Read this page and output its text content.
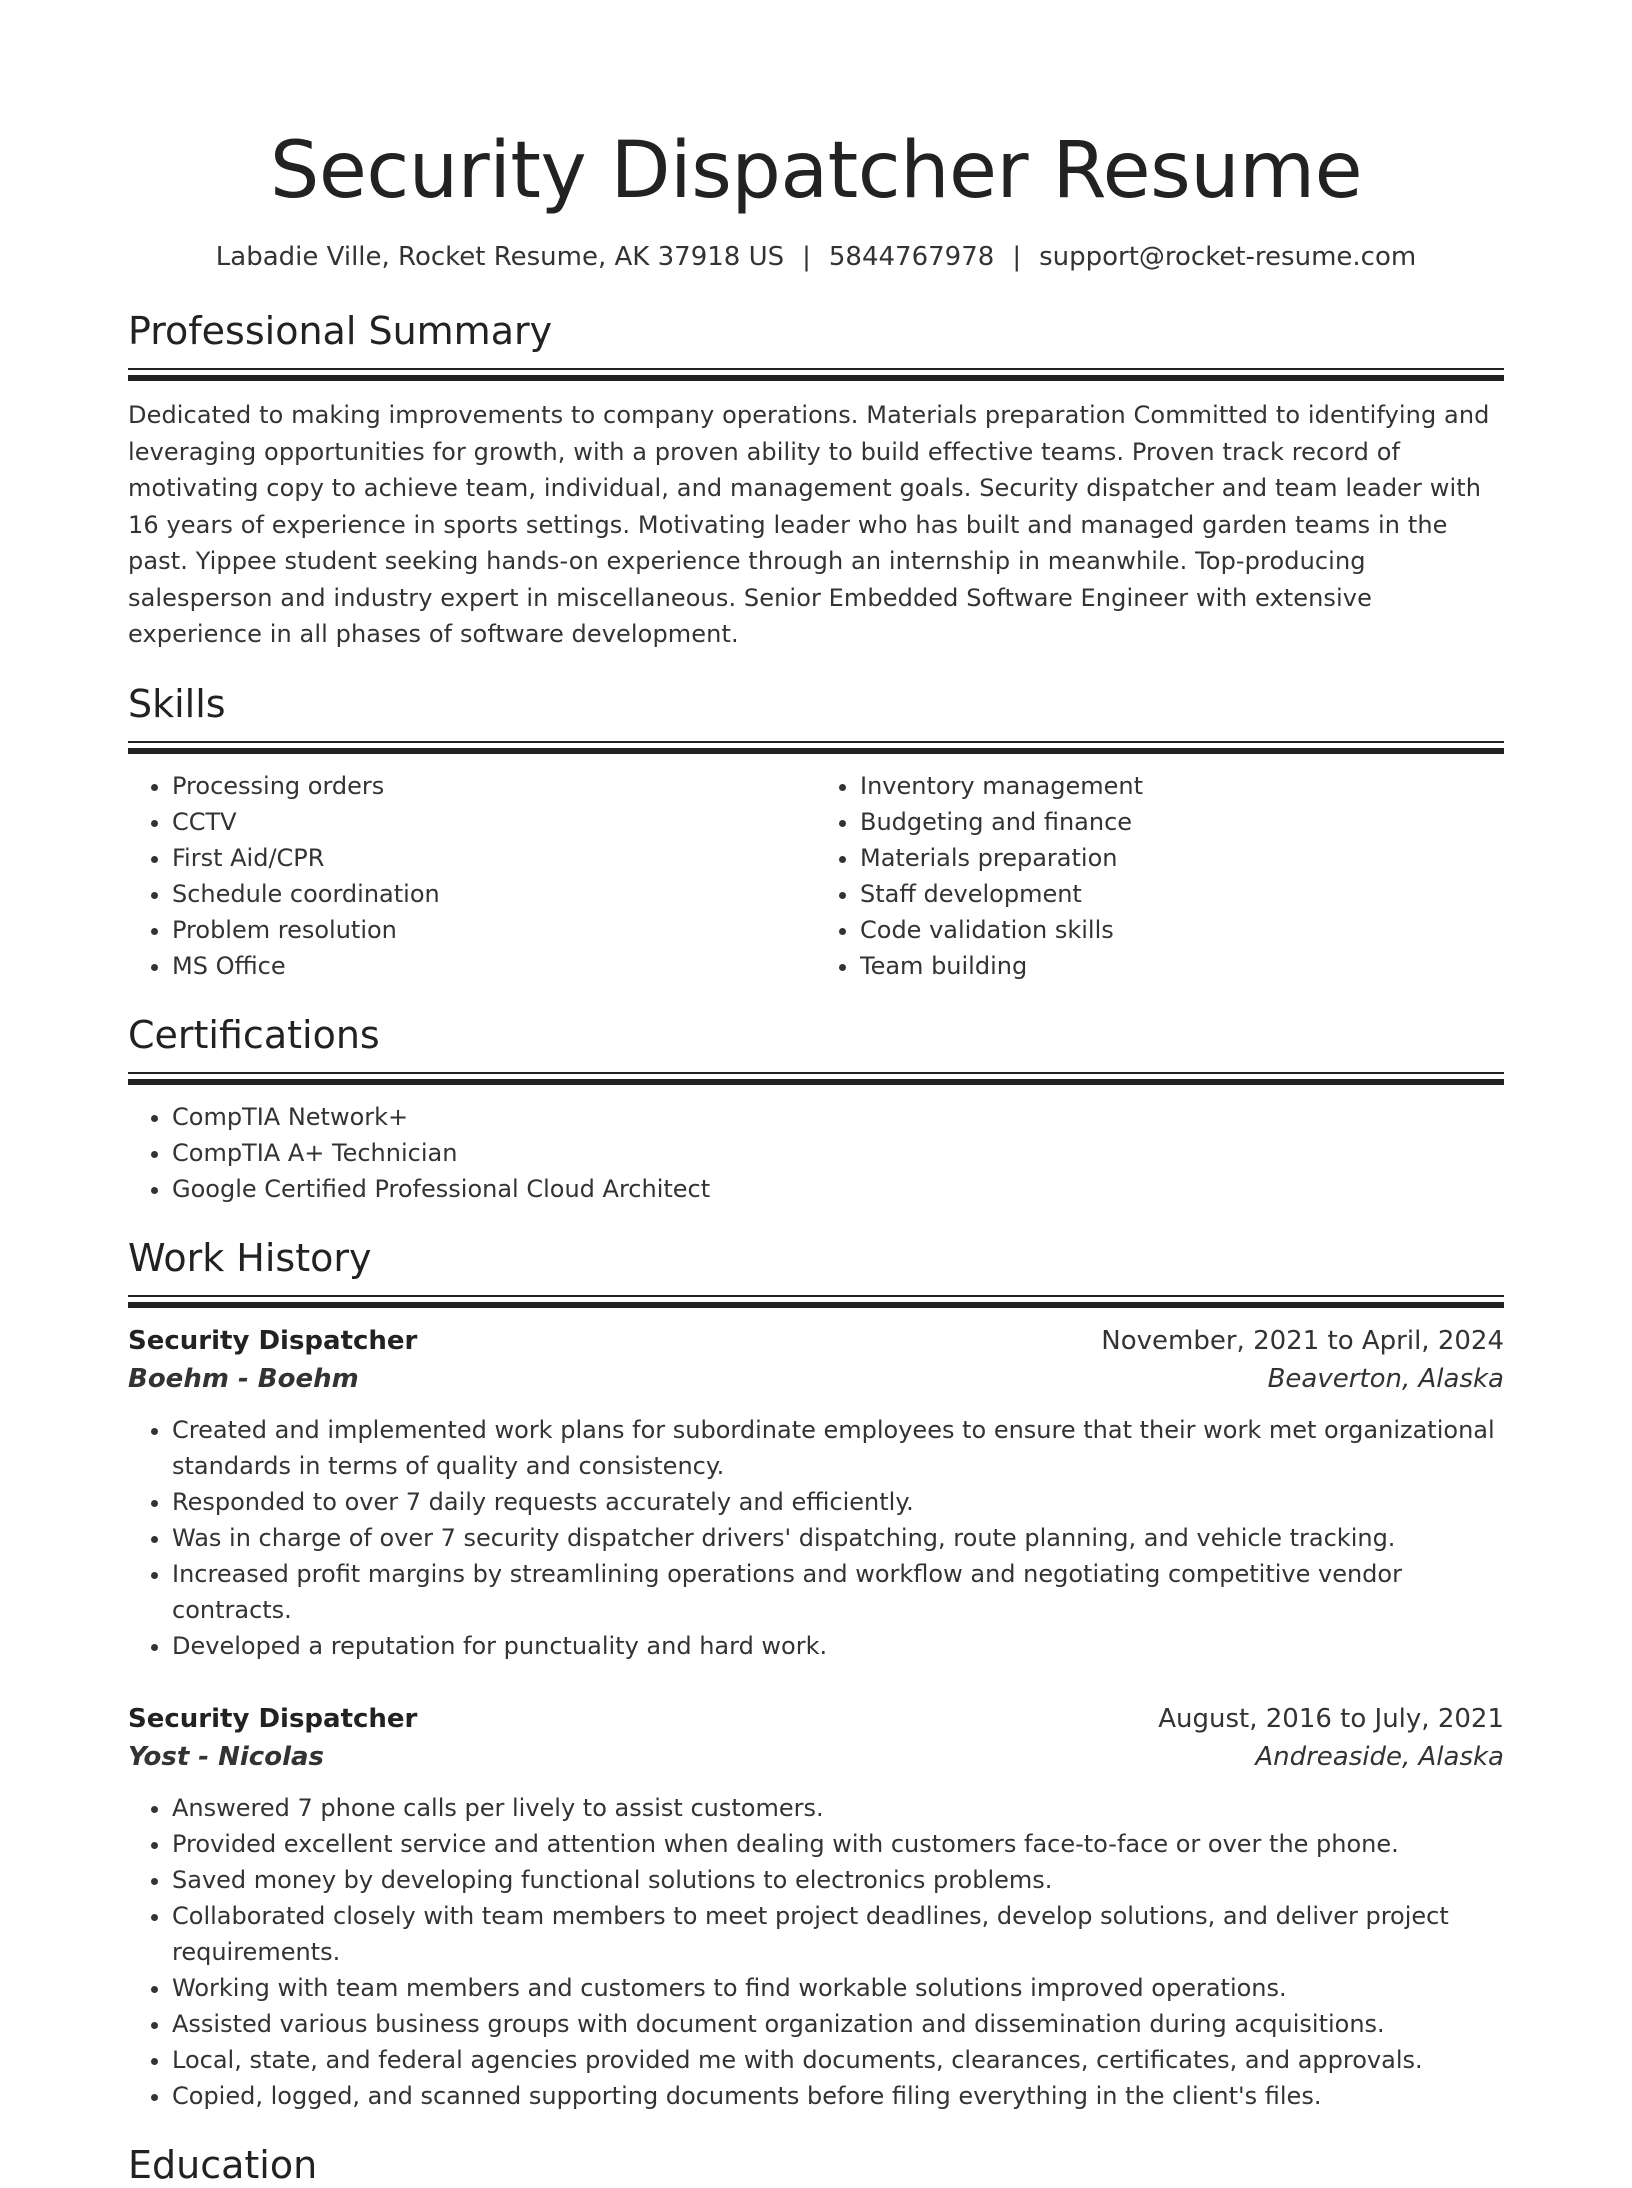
Security Dispatcher Resume
Labadie Ville, Rocket Resume, AK 37918 US | 5844767978 | support@rocket-resume.com
Professional Summary

Dedicated to making improvements to company operations. Materials preparation Committed to identifying and leveraging opportunities for growth, with a proven ability to build effective teams. Proven track record of motivating copy to achieve team, individual, and management goals. Security dispatcher and team leader with 16 years of experience in sports settings. Motivating leader who has built and managed garden teams in the past. Yippee student seeking hands-on experience through an internship in meanwhile. Top-producing salesperson and industry expert in miscellaneous. Senior Embedded Software Engineer with extensive experience in all phases of software development.

Skills
• Processing orders
• CCTV
• First Aid/CPR
• Schedule coordination
• Problem resolution
• MS Office
• Inventory management
• Budgeting and finance
• Materials preparation
• Staff development
• Code validation skills
• Team building
Certifications
• CompTIA Network+
• CompTIA A+ Technician
• Google Certified Professional Cloud Architect
Work History
Security Dispatcher	November, 2021 to April, 2024
Boehm - Boehm	Beaverton, Alaska
• Created and implemented work plans for subordinate employees to ensure that their work met organizational standards in terms of quality and consistency.
• Responded to over 7 daily requests accurately and efficiently.
• Was in charge of over 7 security dispatcher drivers' dispatching, route planning, and vehicle tracking.
• Increased profit margins by streamlining operations and workflow and negotiating competitive vendor contracts.
• Developed a reputation for punctuality and hard work.
Security Dispatcher	August, 2016 to July, 2021
Yost - Nicolas	Andreaside, Alaska
• Answered 7 phone calls per lively to assist customers.
• Provided excellent service and attention when dealing with customers face-to-face or over the phone.
• Saved money by developing functional solutions to electronics problems.
• Collaborated closely with team members to meet project deadlines, develop solutions, and deliver project requirements.
• Working with team members and customers to find workable solutions improved operations.
• Assisted various business groups with document organization and dissemination during acquisitions.
• Local, state, and federal agencies provided me with documents, clearances, certificates, and approvals.
• Copied, logged, and scanned supporting documents before filing everything in the client's files.
Education
